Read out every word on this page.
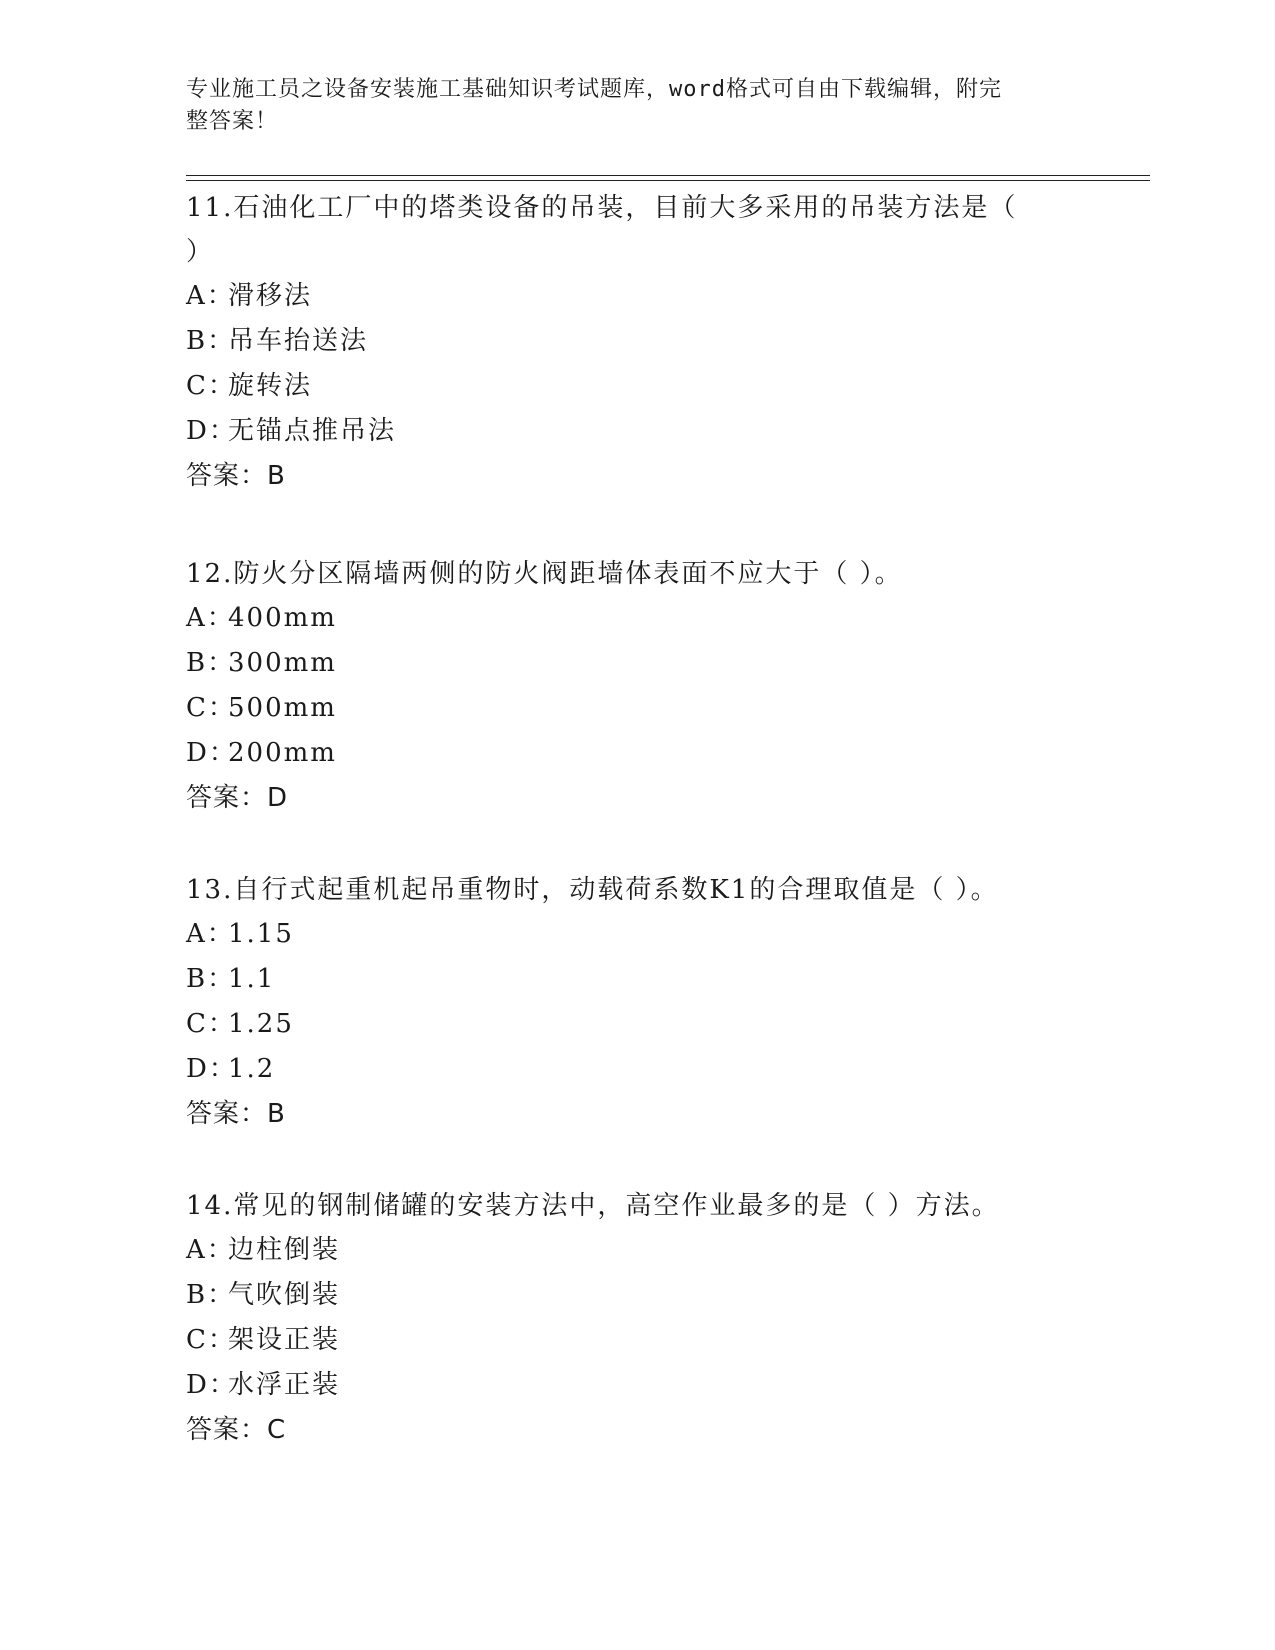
专业施工员之设备安装施工基础知识考试题库，word格式可自由下载编辑，附完
整答案！
11.石油化工厂中的塔类设备的吊装，目前大多采用的吊装方法是（
）
A：滑移法
B：吊车抬送法
C：旋转法
D：无锚点推吊法
答案：B
12.防火分区隔墙两侧的防火阀距墙体表面不应大于（ ）。
A：400mm
B：300mm
C：500mm
D：200mm
答案：D
13.自行式起重机起吊重物时，动载荷系数K1的合理取值是（ ）。
A：1.15
B：1.1
C：1.25
D：1.2
答案：B
14.常见的钢制储罐的安装方法中，高空作业最多的是（ ）方法。
A：边柱倒装
B：气吹倒装
C：架设正装
D：水浮正装
答案：C
